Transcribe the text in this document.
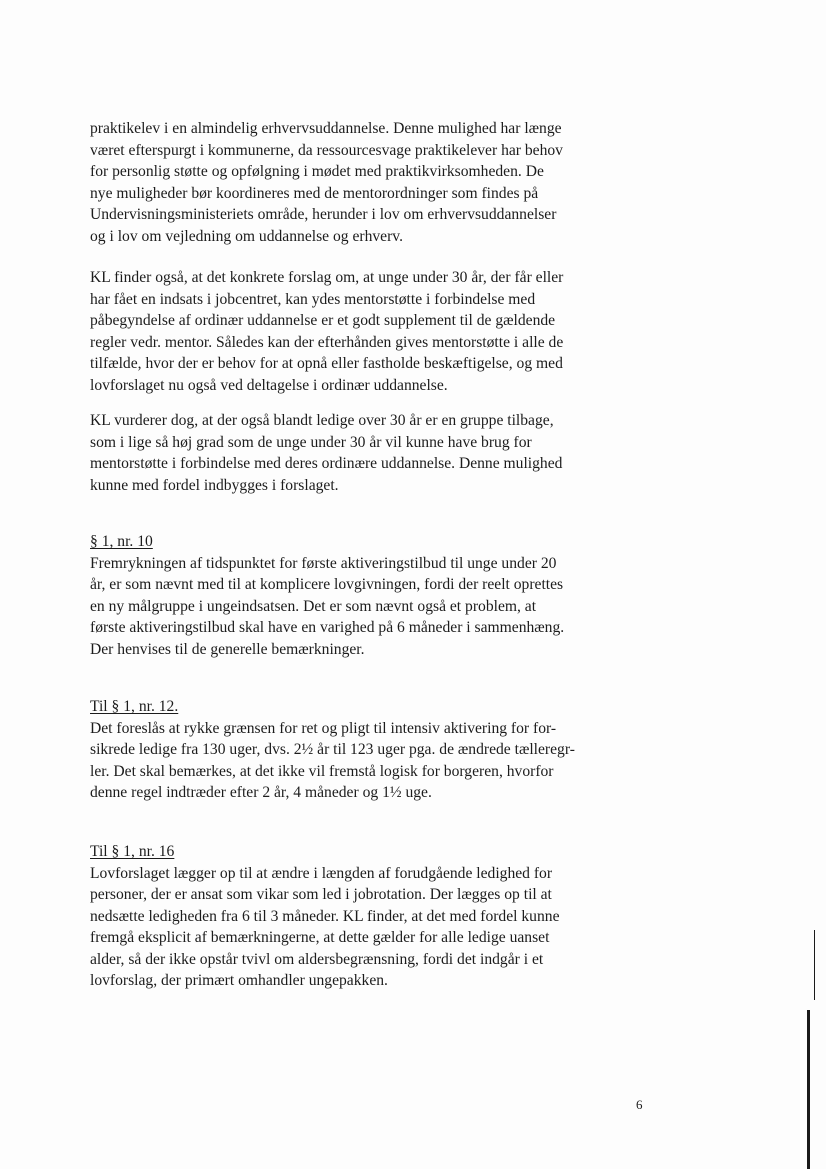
praktikelev i en almindelig erhvervsuddannelse. Denne mulighed har længe
været efterspurgt i kommunerne, da ressourcesvage praktikelever har behov
for personlig støtte og opfølgning i mødet med praktikvirksomheden. De
nye muligheder bør koordineres med de mentorordninger som findes på
Undervisningsministeriets område, herunder i lov om erhvervsuddannelser
og i lov om vejledning om uddannelse og erhverv.
KL finder også, at det konkrete forslag om, at unge under 30 år, der får eller
har fået en indsats i jobcentret, kan ydes mentorstøtte i forbindelse med
påbegyndelse af ordinær uddannelse er et godt supplement til de gældende
regler vedr. mentor. Således kan der efterhånden gives mentorstøtte i alle de
tilfælde, hvor der er behov for at opnå eller fastholde beskæftigelse, og med
lovforslaget nu også ved deltagelse i ordinær uddannelse.
KL vurderer dog, at der også blandt ledige over 30 år er en gruppe tilbage,
som i lige så høj grad som de unge under 30 år vil kunne have brug for
mentorstøtte i forbindelse med deres ordinære uddannelse. Denne mulighed
kunne med fordel indbygges i forslaget.
§ 1, nr. 10
Fremrykningen af tidspunktet for første aktiveringstilbud til unge under 20
år, er som nævnt med til at komplicere lovgivningen, fordi der reelt oprettes
en ny målgruppe i ungeindsatsen. Det er som nævnt også et problem, at
første aktiveringstilbud skal have en varighed på 6 måneder i sammenhæng.
Der henvises til de generelle bemærkninger.
Til § 1, nr. 12.
Det foreslås at rykke grænsen for ret og pligt til intensiv aktivering for for-
sikrede ledige fra 130 uger, dvs. 2½ år til 123 uger pga. de ændrede tælleregr-
ler. Det skal bemærkes, at det ikke vil fremstå logisk for borgeren, hvorfor
denne regel indtræder efter 2 år, 4 måneder og 1½ uge.
Til § 1, nr. 16
Lovforslaget lægger op til at ændre i længden af forudgående ledighed for
personer, der er ansat som vikar som led i jobrotation. Der lægges op til at
nedsætte ledigheden fra 6 til 3 måneder. KL finder, at det med fordel kunne
fremgå eksplicit af bemærkningerne, at dette gælder for alle ledige uanset
alder, så der ikke opstår tvivl om aldersbegrænsning, fordi det indgår i et
lovforslag, der primært omhandler ungepakken.
6
